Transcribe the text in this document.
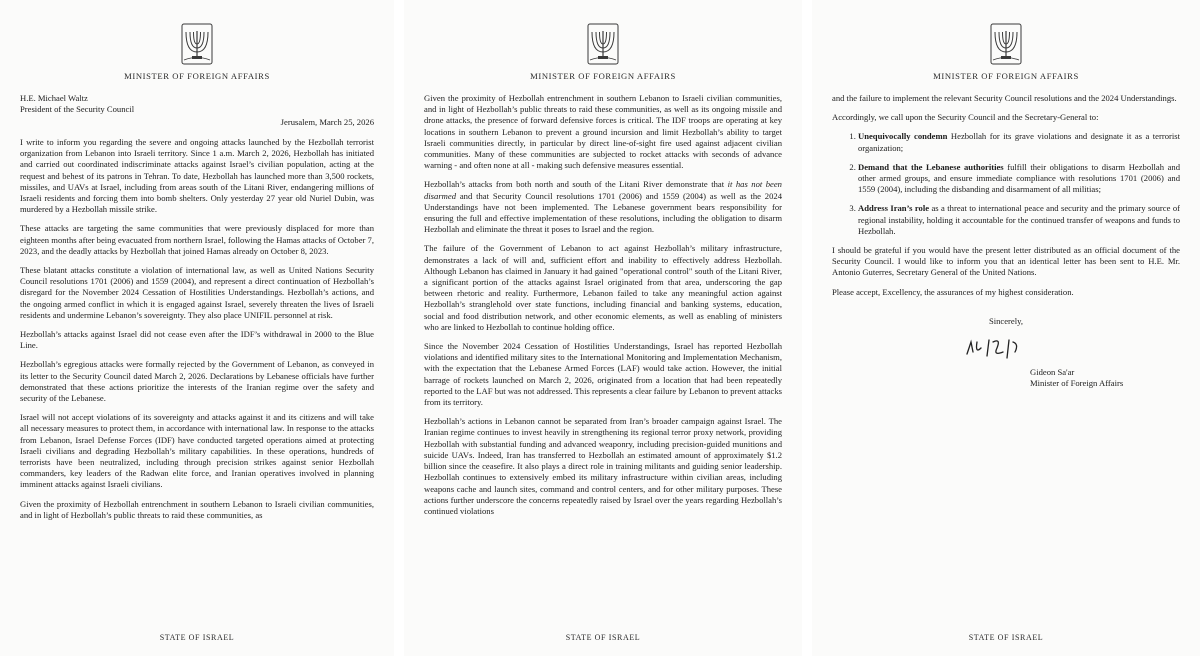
MINISTER OF FOREIGN AFFAIRS
H.E. Michael Waltz
President of the Security Council
Jerusalem, March 25, 2026

I write to inform you regarding the severe and ongoing attacks launched by the Hezbollah terrorist organization from Lebanon into Israeli territory. Since 1 a.m. March 2, 2026, Hezbollah has initiated and carried out coordinated indiscriminate attacks against Israel’s civilian population, acting at the request and behest of its patrons in Tehran. To date, Hezbollah has launched more than 3,500 rockets, missiles, and UAVs at Israel, including from areas south of the Litani River, endangering millions of Israeli residents and forcing them into bomb shelters. Only yesterday 27 year old Nuriel Dubin, was murdered by a Hezbollah missile strike.

These attacks are targeting the same communities that were previously displaced for more than eighteen months after being evacuated from northern Israel, following the Hamas attacks of October 7, 2023, and the deadly attacks by Hezbollah that joined Hamas already on October 8, 2023.

These blatant attacks constitute a violation of international law, as well as United Nations Security Council resolutions 1701 (2006) and 1559 (2004), and represent a direct continuation of Hezbollah’s disregard for the November 2024 Cessation of Hostilities Understandings. Hezbollah’s actions, and the ongoing armed conflict in which it is engaged against Israel, severely threaten the lives of Israeli residents and undermine Lebanon’s sovereignty. They also place UNIFIL personnel at risk.

Hezbollah’s attacks against Israel did not cease even after the IDF’s withdrawal in 2000 to the Blue Line.

Hezbollah’s egregious attacks were formally rejected by the Government of Lebanon, as conveyed in its letter to the Security Council dated March 2, 2026. Declarations by Lebanese officials have further demonstrated that these actions prioritize the interests of the Iranian regime over the safety and security of the Lebanese.

Israel will not accept violations of its sovereignty and attacks against it and its citizens and will take all necessary measures to protect them, in accordance with international law. In response to the attacks from Lebanon, Israel Defense Forces (IDF) have conducted targeted operations aimed at protecting Israeli civilians and degrading Hezbollah’s military capabilities. In these operations, hundreds of terrorists have been neutralized, including through precision strikes against senior Hezbollah commanders, key leaders of the Radwan elite force, and Iranian operatives involved in planning imminent attacks against Israeli civilians.

Given the proximity of Hezbollah entrenchment in southern Lebanon to Israeli civilian communities, and in light of Hezbollah’s public threats to raid these communities, as

STATE OF ISRAEL
MINISTER OF FOREIGN AFFAIRS

Given the proximity of Hezbollah entrenchment in southern Lebanon to Israeli civilian communities, and in light of Hezbollah’s public threats to raid these communities, as well as its ongoing missile and drone attacks, the presence of forward defensive forces is critical. The IDF troops are operating at key locations in southern Lebanon to prevent a ground incursion and limit Hezbollah’s ability to target Israeli communities directly, in particular by direct line-of-sight fire used against adjacent civilian communities. Many of these communities are subjected to rocket attacks with seconds of advance warning - and often none at all - making such defensive measures essential.

Hezbollah’s attacks from both north and south of the Litani River demonstrate that it has not been disarmed and that Security Council resolutions 1701 (2006) and 1559 (2004) as well as the 2024 Understandings have not been implemented. The Lebanese government bears responsibility for ensuring the full and effective implementation of these resolutions, including the obligation to disarm Hezbollah and eliminate the threat it poses to Israel and the region.

The failure of the Government of Lebanon to act against Hezbollah’s military infrastructure, demonstrates a lack of will and, sufficient effort and inability to effectively address Hezbollah. Although Lebanon has claimed in January it had gained "operational control" south of the Litani River, a significant portion of the attacks against Israel originated from that area, underscoring the gap between rhetoric and reality. Furthermore, Lebanon failed to take any meaningful action against Hezbollah’s stranglehold over state functions, including financial and banking systems, education, social and food distribution network, and other economic elements, as well as enabling of ministers who are linked to Hezbollah to continue holding office.

Since the November 2024 Cessation of Hostilities Understandings, Israel has reported Hezbollah violations and identified military sites to the International Monitoring and Implementation Mechanism, with the expectation that the Lebanese Armed Forces (LAF) would take action. However, the initial barrage of rockets launched on March 2, 2026, originated from a location that had been repeatedly reported to the LAF but was not addressed. This represents a clear failure by Lebanon to prevent attacks from its territory.

Hezbollah’s actions in Lebanon cannot be separated from Iran’s broader campaign against Israel. The Iranian regime continues to invest heavily in strengthening its regional terror proxy network, providing Hezbollah with substantial funding and advanced weaponry, including precision-guided munitions and suicide UAVs. Indeed, Iran has transferred to Hezbollah an estimated amount of approximately $1.2 billion since the ceasefire. It also plays a direct role in training militants and guiding senior leadership. Hezbollah continues to extensively embed its military infrastructure within civilian areas, including weapons cache and launch sites, command and control centers, and for other military purposes. These actions further underscore the concerns repeatedly raised by Israel over the years regarding Hezbollah’s continued violations

STATE OF ISRAEL
MINISTER OF FOREIGN AFFAIRS

and the failure to implement the relevant Security Council resolutions and the 2024 Understandings.

Accordingly, we call upon the Security Council and the Secretary-General to:

1. Unequivocally condemn Hezbollah for its grave violations and designate it as a terrorist organization;
2. Demand that the Lebanese authorities fulfill their obligations to disarm Hezbollah and other armed groups, and ensure immediate compliance with resolutions 1701 (2006) and 1559 (2004), including the disbanding and disarmament of all militias;
3. Address Iran’s role as a threat to international peace and security and the primary source of regional instability, holding it accountable for the continued transfer of weapons and funds to Hezbollah.

I should be grateful if you would have the present letter distributed as an official document of the Security Council. I would like to inform you that an identical letter has been sent to H.E. Mr. Antonio Guterres, Secretary General of the United Nations.

Please accept, Excellency, the assurances of my highest consideration.

Sincerely,
Gideon Sa'ar
Minister of Foreign Affairs
STATE OF ISRAEL
